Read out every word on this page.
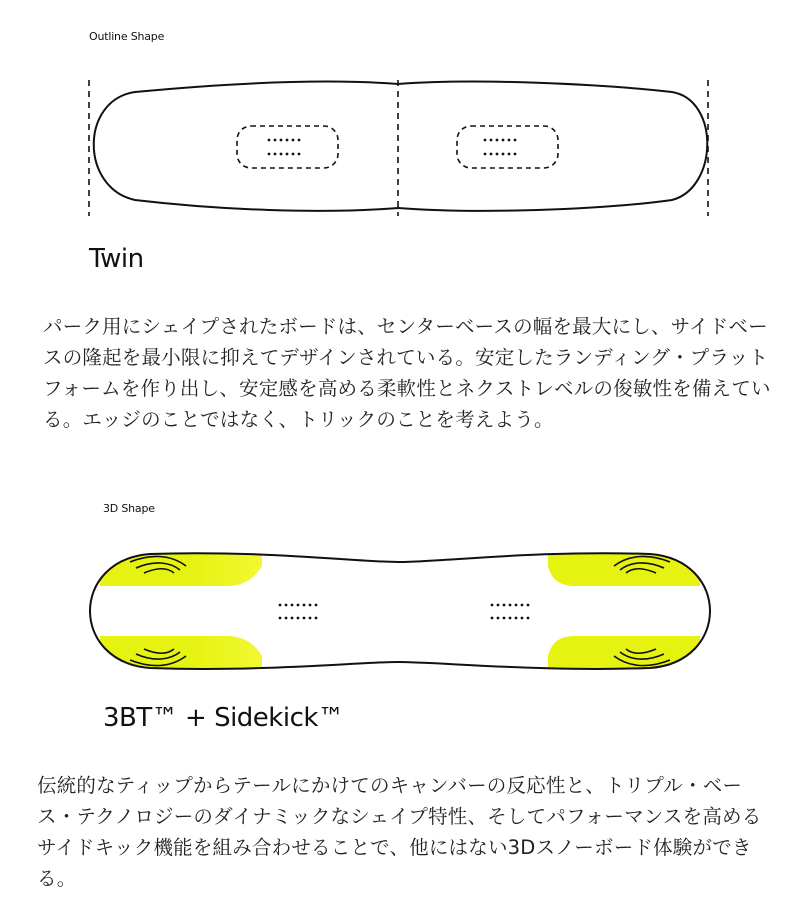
Outline Shape
Twin

パーク用にシェイプされたボードは、センターベースの幅を最大にし、サイドベースの隆起を最小限に抑えてデザインされている。安定したランディング・プラットフォームを作り出し、安定感を高める柔軟性とネクストレベルの俊敏性を備えている。エッジのことではなく、トリックのことを考えよう。

3D Shape
3BT™ + Sidekick™

伝統的なティップからテールにかけてのキャンバーの反応性と、トリプル・ベース・テクノロジーのダイナミックなシェイプ特性、そしてパフォーマンスを高めるサイドキック機能を組み合わせることで、他にはない3Dスノーボード体験ができる。
